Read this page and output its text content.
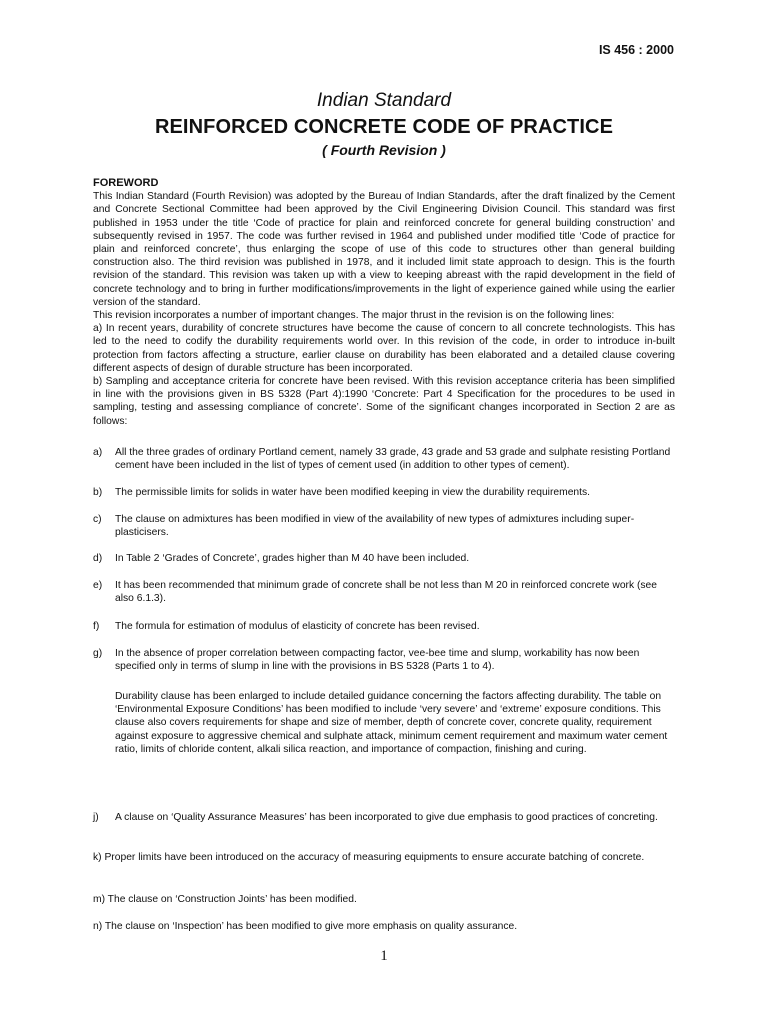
IS 456 : 2000
Indian Standard
REINFORCED CONCRETE CODE OF PRACTICE
( Fourth Revision )
FOREWORD

This Indian Standard (Fourth Revision) was adopted by the Bureau of Indian Standards, after the draft finalized by the Cement and Concrete Sectional Committee had been approved by the Civil Engineering Division Council. This standard was first published in 1953 under the title ‘Code of practice for plain and reinforced concrete for general building construction’ and subsequently revised in 1957. The code was further revised in 1964 and published under modified title ‘Code of practice for plain and reinforced concrete’, thus enlarging the scope of use of this code to structures other than general building construction also. The third revision was published in 1978, and it included limit state approach to design. This is the fourth revision of the standard. This revision was taken up with a view to keeping abreast with the rapid development in the field of concrete technology and to bring in further modifications/improvements in the light of experience gained while using the earlier version of the standard.

This revision incorporates a number of important changes. The major thrust in the revision is on the following lines:

a) In recent years, durability of concrete structures have become the cause of concern to all concrete technologists. This has led to the need to codify the durability requirements world over. In this revision of the code, in order to introduce in-built protection from factors affecting a structure, earlier clause on durability has been elaborated and a detailed clause covering different aspects of design of durable structure has been incorporated.

b) Sampling and acceptance criteria for concrete have been revised. With this revision acceptance criteria has been simplified in line with the provisions given in BS 5328 (Part 4):1990 ‘Concrete: Part 4 Specification for the procedures to be used in sampling, testing and assessing compliance of concrete’. Some of the significant changes incorporated in Section 2 are as follows:

a)	All the three grades of ordinary Portland cement, namely 33 grade, 43 grade and 53 grade and sulphate resisting Portland cement have been included in the list of types of cement used (in addition to other types of cement).
b)	The permissible limits for solids in water have been modified keeping in view the durability requirements.
c)	The clause on admixtures has been modified in view of the availability of new types of admixtures including super-plasticisers.
d)	In Table 2 ‘Grades of Concrete’, grades higher than M 40 have been included.
e)	It has been recommended that minimum grade of concrete shall be not less than M 20 in reinforced concrete work (see also 6.1.3).
f)	The formula for estimation of modulus of elasticity of concrete has been revised.
g)	In the absence of proper correlation between compacting factor, vee-bee time and slump, workability has now been specified only in terms of slump in line with the provisions in BS 5328 (Parts 1 to 4).
Durability clause has been enlarged to include detailed guidance concerning the factors affecting durability. The table on ‘Environmental Exposure Conditions’ has been modified to include ‘very severe’ and ‘extreme’ exposure conditions. This clause also covers requirements for shape and size of member, depth of concrete cover, concrete quality, requirement against exposure to aggressive chemical and sulphate attack, minimum cement requirement and maximum water cement ratio, limits of chloride content, alkali silica reaction, and importance of compaction, finishing and curing.
j)	A clause on ‘Quality Assurance Measures’ has been incorporated to give due emphasis to good practices of concreting.
k) Proper limits have been introduced on the accuracy of measuring equipments to ensure accurate batching of concrete.
m) The clause on ‘Construction Joints’ has been modified.
n) The clause on ‘Inspection’ has been modified to give more emphasis on quality assurance.
1
